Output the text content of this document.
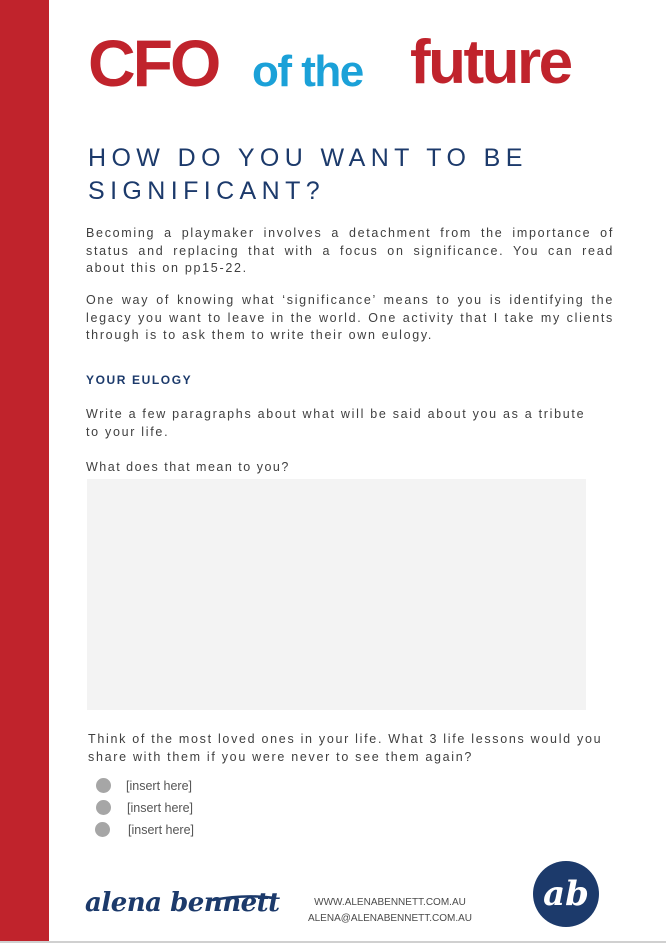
CFO of the future
HOW DO YOU WANT TO BE SIGNIFICANT?

Becoming a playmaker involves a detachment from the importance of status and replacing that with a focus on significance. You can read about this on pp15-22.

One way of knowing what ‘significance’ means to you is identifying the legacy you want to leave in the world. One activity that I take my clients through is to ask them to write their own eulogy.

YOUR EULOGY

Write a few paragraphs about what will be said about you as a tribute to your life.

What does that mean to you?

Think of the most loved ones in your life. What 3 life lessons would you share with them if you were never to see them again?

[insert here]
[insert here]
[insert here]
alena bennett	WWW.ALENABENNETT.COM.AU
ALENA@ALENABENNETT.COM.AU
ab
